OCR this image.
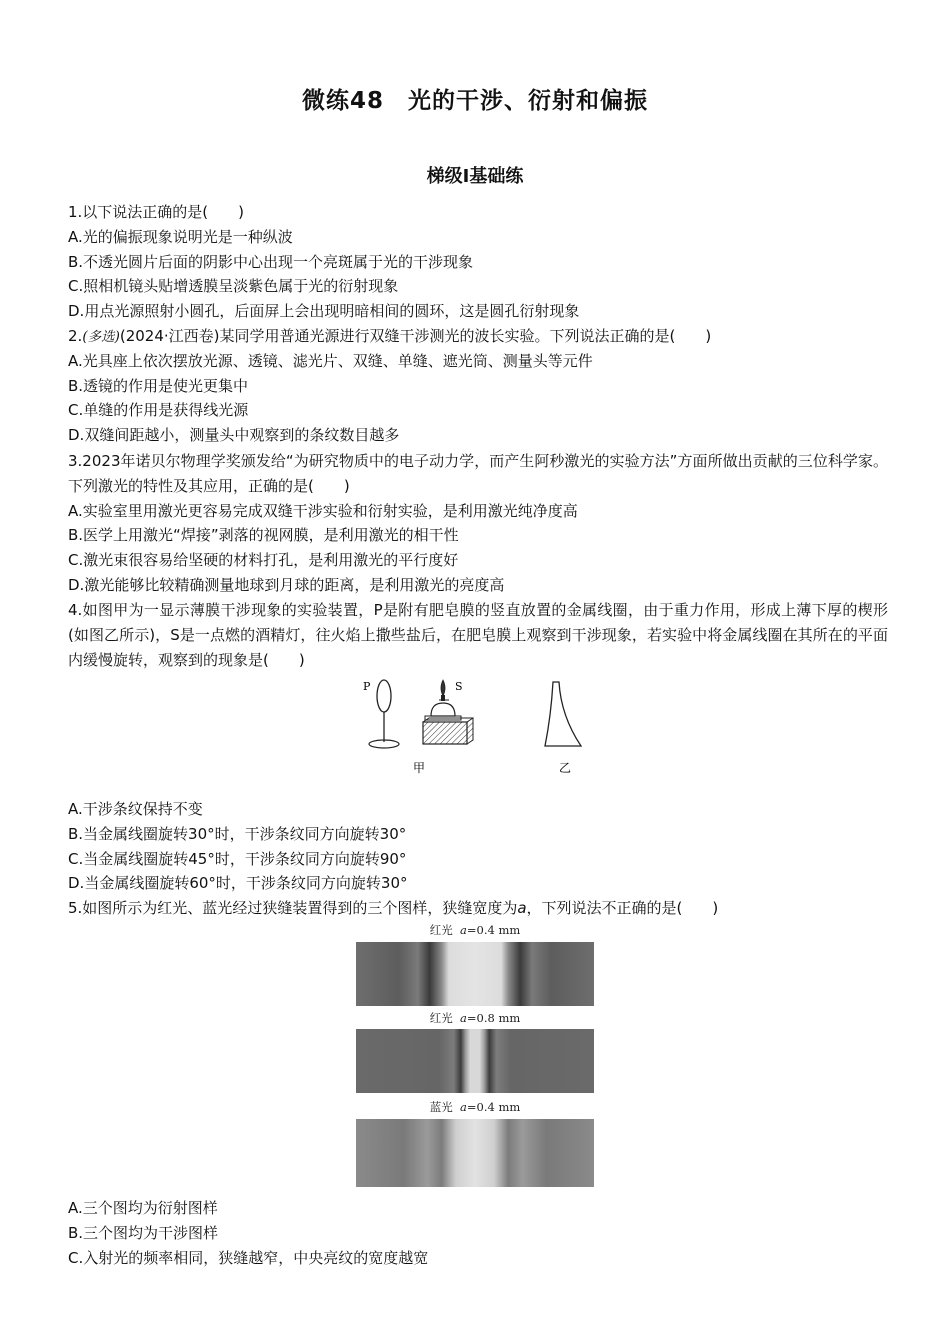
微练48　光的干涉、衍射和偏振
梯级Ⅰ基础练
1.以下说法正确的是(　　)
A.光的偏振现象说明光是一种纵波
B.不透光圆片后面的阴影中心出现一个亮斑属于光的干涉现象
C.照相机镜头贴增透膜呈淡紫色属于光的衍射现象
D.用点光源照射小圆孔，后面屏上会出现明暗相间的圆环，这是圆孔衍射现象
2.(多选)(2024·江西卷)某同学用普通光源进行双缝干涉测光的波长实验。下列说法正确的是(　　)
A.光具座上依次摆放光源、透镜、滤光片、双缝、单缝、遮光筒、测量头等元件
B.透镜的作用是使光更集中
C.单缝的作用是获得线光源
D.双缝间距越小，测量头中观察到的条纹数目越多
3.2023年诺贝尔物理学奖颁发给“为研究物质中的电子动力学，而产生阿秒激光的实验方法”方面所做出贡献的三位科学家。下列激光的特性及其应用，正确的是(　　)
A.实验室里用激光更容易完成双缝干涉实验和衍射实验，是利用激光纯净度高
B.医学上用激光“焊接”剥落的视网膜，是利用激光的相干性
C.激光束很容易给坚硬的材料打孔，是利用激光的平行度好
D.激光能够比较精确测量地球到月球的距离，是利用激光的亮度高
4.如图甲为一显示薄膜干涉现象的实验装置，P是附有肥皂膜的竖直放置的金属线圈，由于重力作用，形成上薄下厚的楔形(如图乙所示)，S是一点燃的酒精灯，往火焰上撒些盐后，在肥皂膜上观察到干涉现象，若实验中将金属线圈在其所在的平面内缓慢旋转，观察到的现象是(　　)
P	S
甲	乙
A.干涉条纹保持不变
B.当金属线圈旋转30°时，干涉条纹同方向旋转30°
C.当金属线圈旋转45°时，干涉条纹同方向旋转90°
D.当金属线圈旋转60°时，干涉条纹同方向旋转30°
5.如图所示为红光、蓝光经过狭缝装置得到的三个图样，狭缝宽度为a，下列说法不正确的是(　　)
红光 a=0.4 mm
红光 a=0.8 mm
蓝光 a=0.4 mm
A.三个图均为衍射图样
B.三个图均为干涉图样
C.入射光的频率相同，狭缝越窄，中央亮纹的宽度越宽
